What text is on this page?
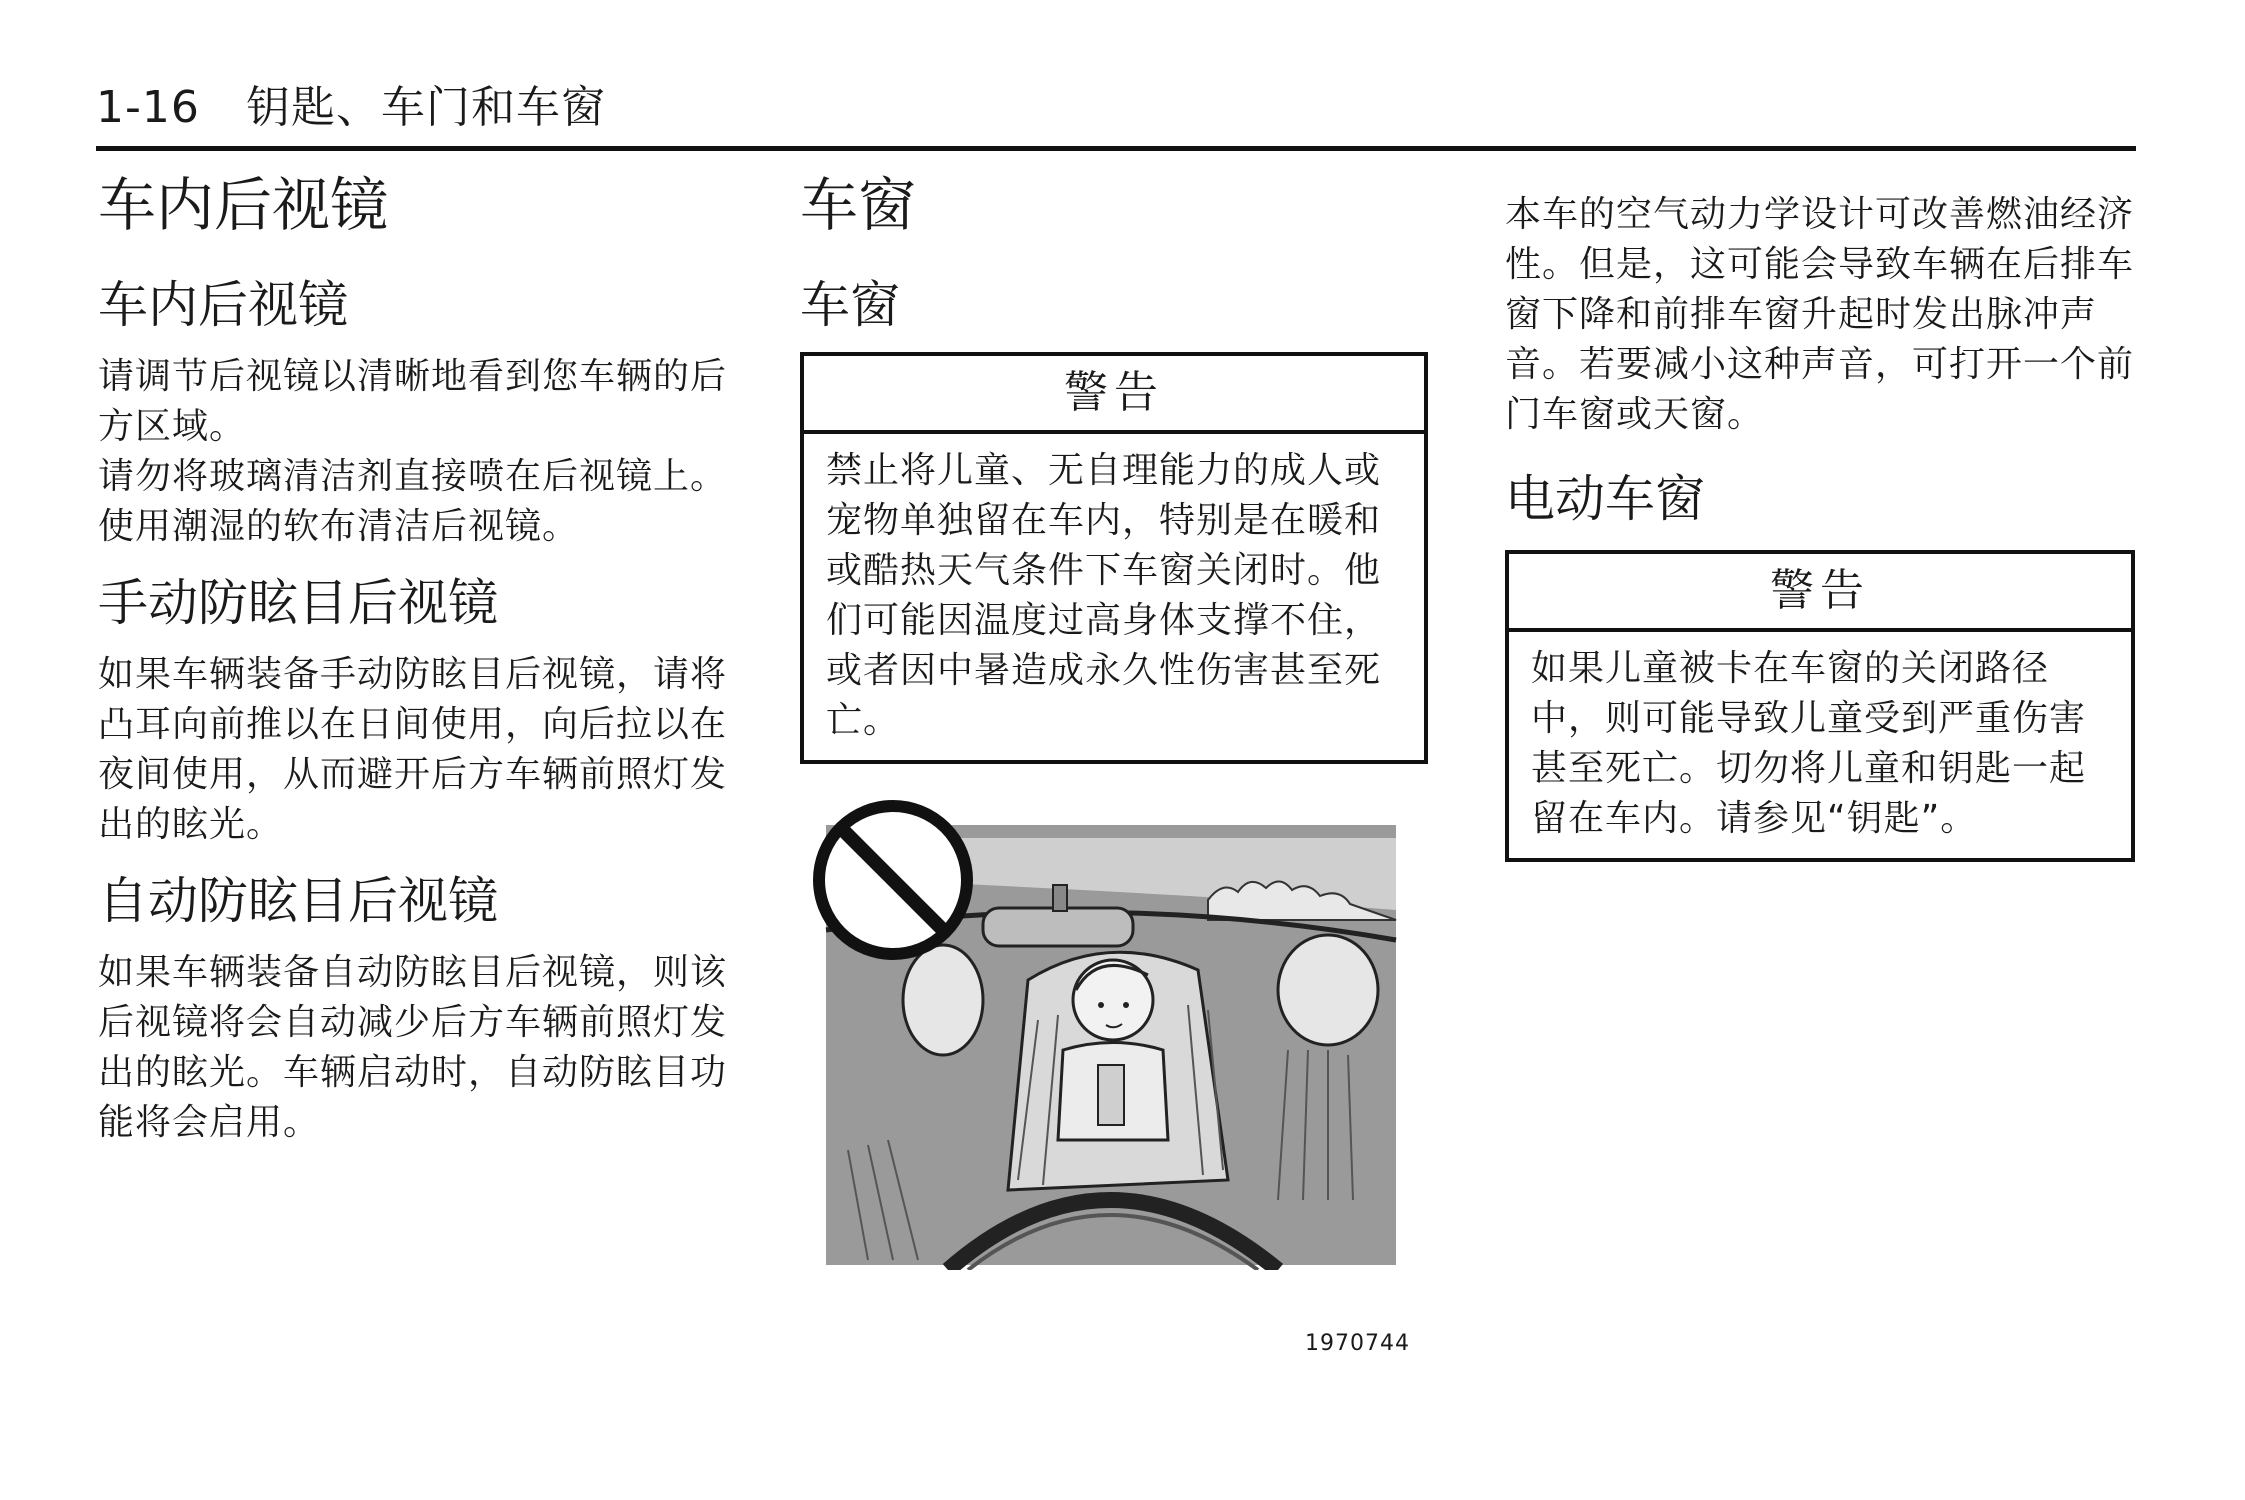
1-16 钥匙、车门和车窗
车内后视镜
车内后视镜

请调节后视镜以清晰地看到您车辆的后方区域。

请勿将玻璃清洁剂直接喷在后视镜上。使用潮湿的软布清洁后视镜。

手动防眩目后视镜

如果车辆装备手动防眩目后视镜，请将凸耳向前推以在日间使用，向后拉以在夜间使用，从而避开后方车辆前照灯发出的眩光。

自动防眩目后视镜

如果车辆装备自动防眩目后视镜，则该后视镜将会自动减少后方车辆前照灯发出的眩光。车辆启动时，自动防眩目功能将会启用。

车窗
车窗
警告
禁止将儿童、无自理能力的成人或宠物单独留在车内，特别是在暖和或酷热天气条件下车窗关闭时。他们可能因温度过高身体支撑不住，或者因中暑造成永久性伤害甚至死亡。
1970744

本车的空气动力学设计可改善燃油经济性。但是，这可能会导致车辆在后排车窗下降和前排车窗升起时发出脉冲声音。若要减小这种声音，可打开一个前门车窗或天窗。

电动车窗
警告
如果儿童被卡在车窗的关闭路径中，则可能导致儿童受到严重伤害甚至死亡。切勿将儿童和钥匙一起留在车内。请参见“钥匙”。
